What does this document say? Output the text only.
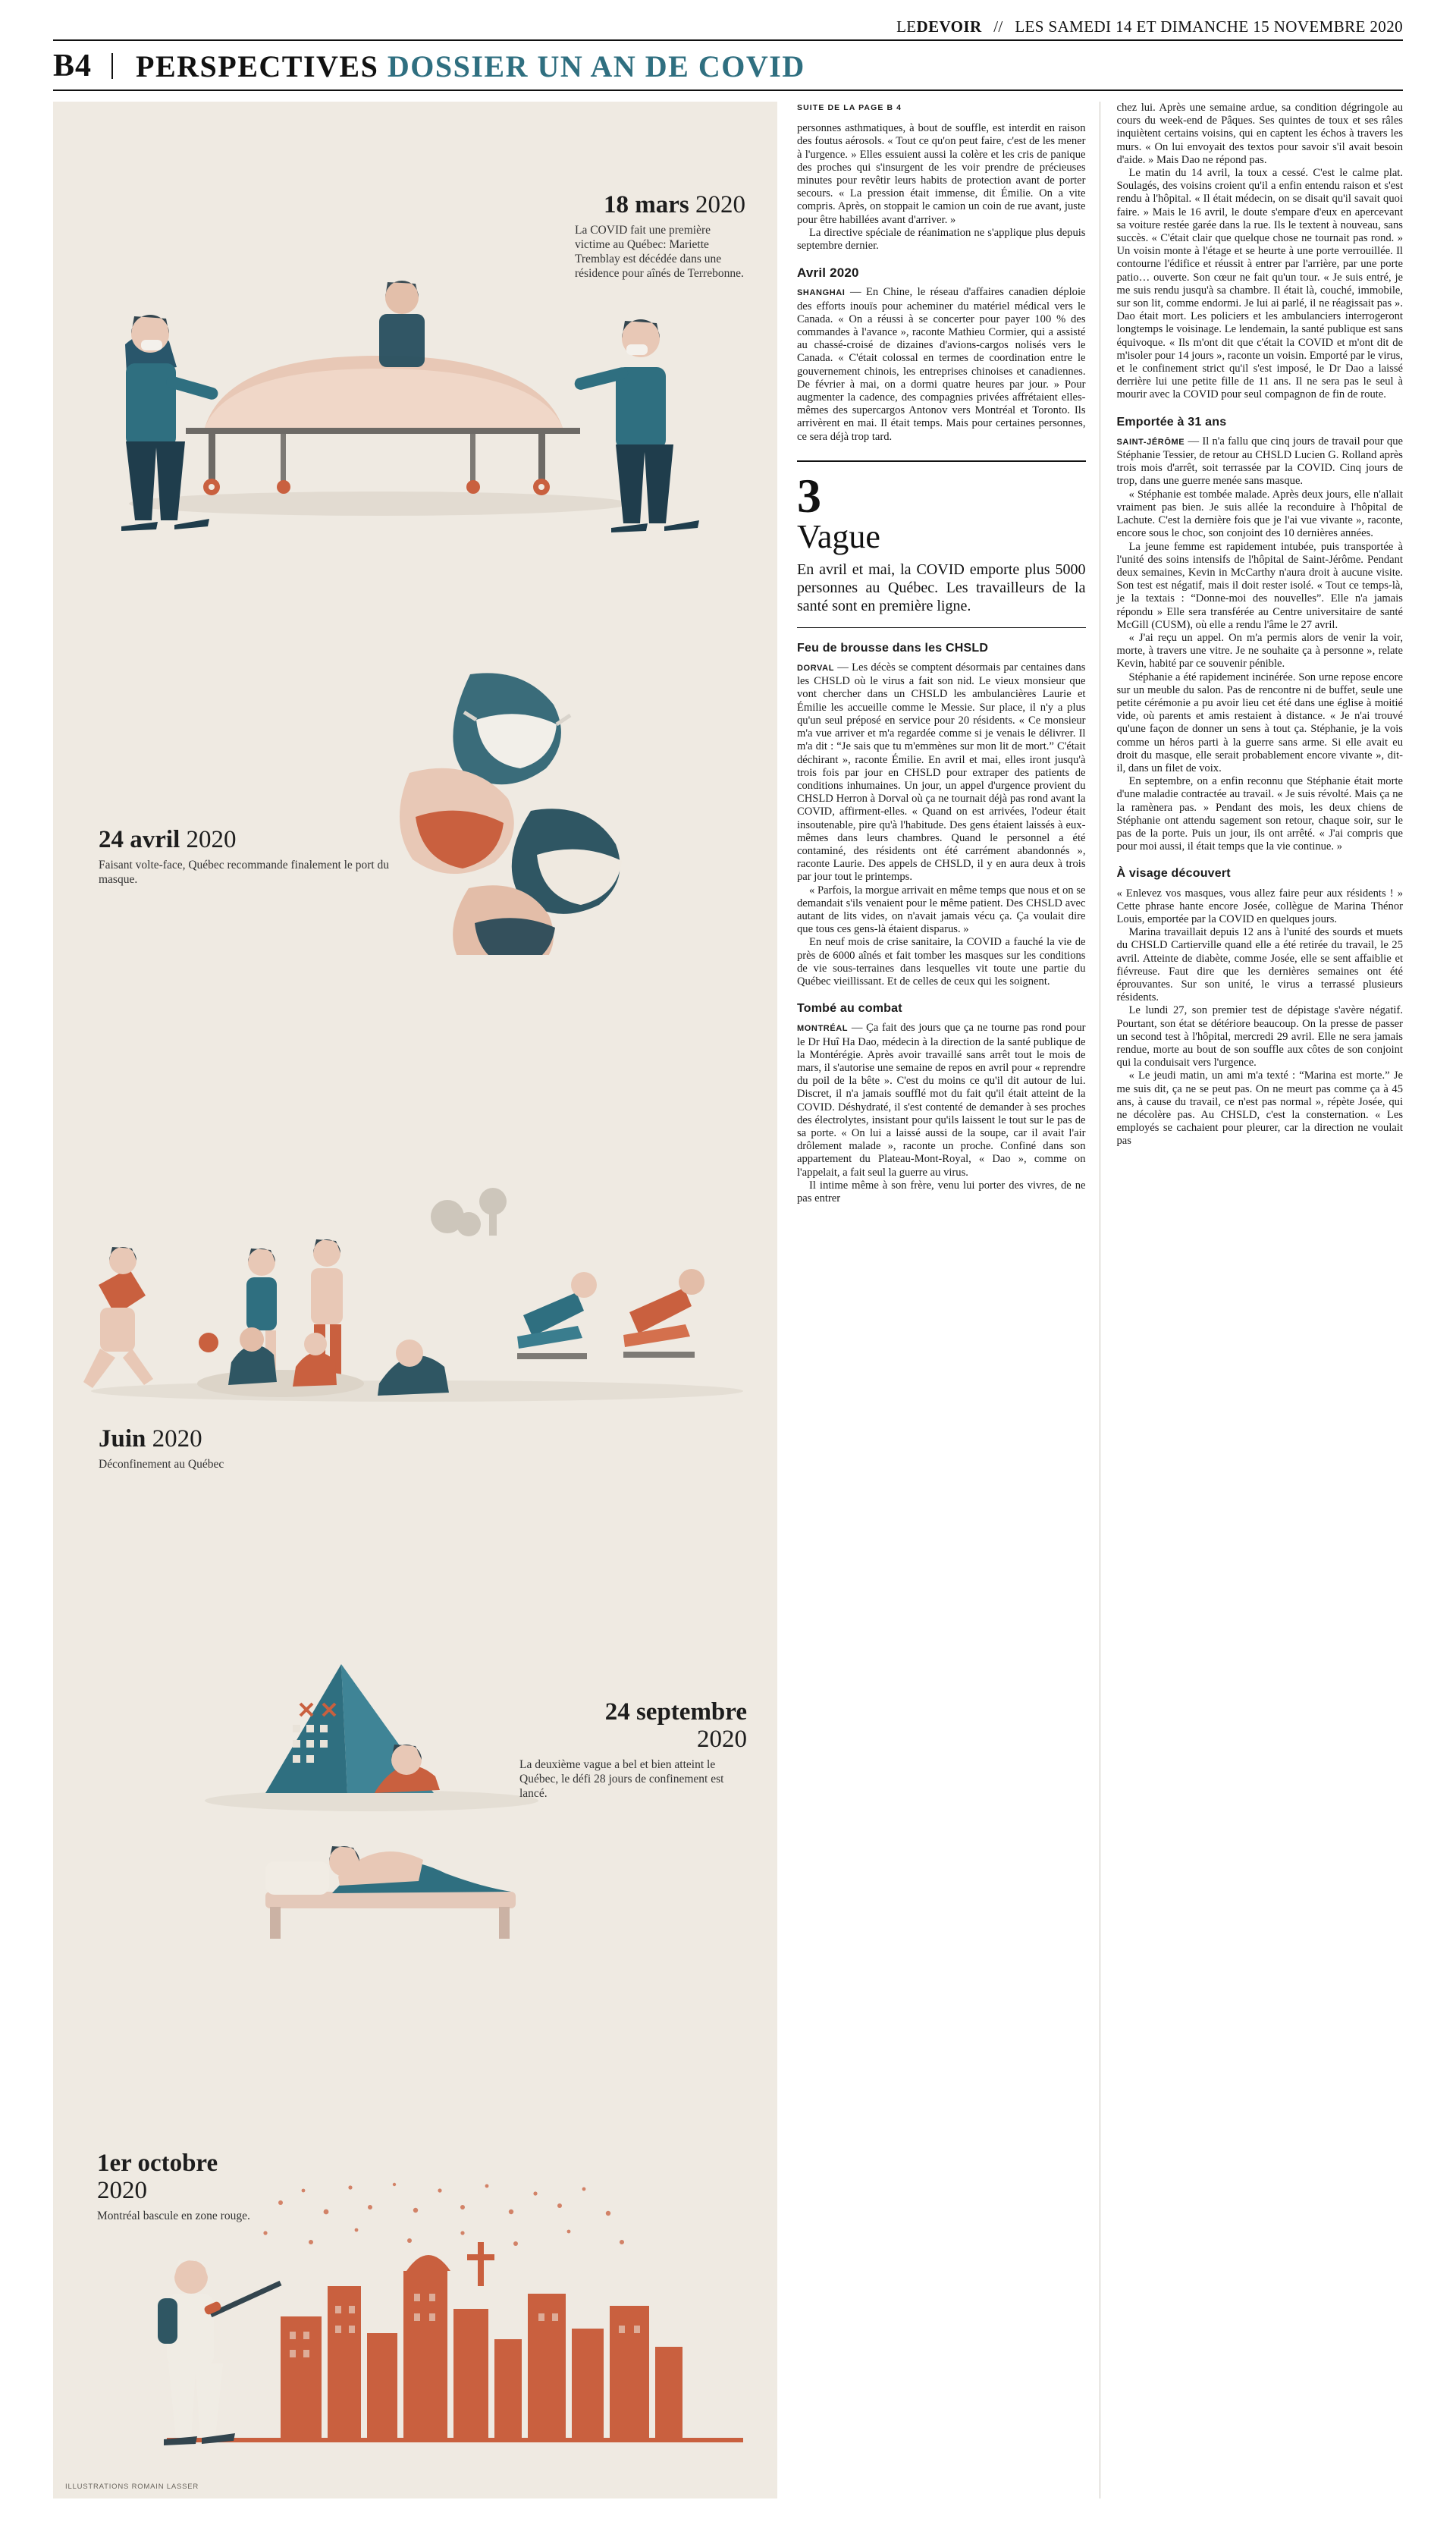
LEDEVOIR // LES SAMEDI 14 ET DIMANCHE 15 NOVEMBRE 2020
B4 PERSPECTIVES DOSSIER UN AN DE COVID
18 mars 2020
La COVID fait une première victime au Québec: Mariette Tremblay est décédée dans une résidence pour aînés de Terrebonne.
24 avril 2020
Faisant volte-face, Québec recommande finalement le port du masque.
Juin 2020
Déconfinement au Québec
24 septembre
2020
La deuxième vague a bel et bien atteint le Québec, le défi 28 jours de confinement est lancé.
1er octobre
2020
Montréal bascule en zone rouge.
ILLUSTRATIONS ROMAIN LASSER
SUITE DE LA PAGE B 4

personnes asthmatiques, à bout de souffle, est interdit en raison des foutus aérosols. « Tout ce qu'on peut faire, c'est de les mener à l'urgence. » Elles essuient aussi la colère et les cris de panique des proches qui s'insurgent de les voir prendre de précieuses minutes pour revêtir leurs habits de protection avant de porter secours. « La pression était immense, dit Émilie. On a vite compris. Après, on stoppait le camion un coin de rue avant, juste pour être habillées avant d'arriver. »

La directive spéciale de réanimation ne s'applique plus depuis septembre dernier.

Avril 2020

SHANGHAI — En Chine, le réseau d'affaires canadien déploie des efforts inouïs pour acheminer du matériel médical vers le Canada. « On a réussi à se concerter pour payer 100 % des commandes à l'avance », raconte Mathieu Cormier, qui a assisté au chassé-croisé de dizaines d'avions-cargos nolisés vers le Canada. « C'était colossal en termes de coordination entre le gouvernement chinois, les entreprises chinoises et canadiennes. De février à mai, on a dormi quatre heures par jour. » Pour augmenter la cadence, des compagnies privées affrétaient elles-mêmes des supercargos Antonov vers Montréal et Toronto. Ils arrivèrent en mai. Il était temps. Mais pour certaines personnes, ce sera déjà trop tard.

3
Vague
En avril et mai, la COVID emporte plus 5000 personnes au Québec. Les travailleurs de la santé sont en première ligne.
Feu de brousse dans les CHSLD

DORVAL — Les décès se comptent désormais par centaines dans les CHSLD où le virus a fait son nid. Le vieux monsieur que vont chercher dans un CHSLD les ambulancières Laurie et Émilie les accueille comme le Messie. Sur place, il n'y a plus qu'un seul préposé en service pour 20 résidents. « Ce monsieur m'a vue arriver et m'a regardée comme si je venais le délivrer. Il m'a dit : “Je sais que tu m'emmènes sur mon lit de mort.” C'était déchirant », raconte Émilie. En avril et mai, elles iront jusqu'à trois fois par jour en CHSLD pour extraper des patients de conditions inhumaines. Un jour, un appel d'urgence provient du CHSLD Herron à Dorval où ça ne tournait déjà pas rond avant la COVID, affirment-elles. « Quand on est arrivées, l'odeur était insoutenable, pire qu'à l'habitude. Des gens étaient laissés à eux-mêmes dans leurs chambres. Quand le personnel a été contaminé, des résidents ont été carrément abandonnés », raconte Laurie. Des appels de CHSLD, il y en aura deux à trois par jour tout le printemps.

« Parfois, la morgue arrivait en même temps que nous et on se demandait s'ils venaient pour le même patient. Des CHSLD avec autant de lits vides, on n'avait jamais vécu ça. Ça voulait dire que tous ces gens-là étaient disparus. »

En neuf mois de crise sanitaire, la COVID a fauché la vie de près de 6000 aînés et fait tomber les masques sur les conditions de vie sous-terraines dans lesquelles vit toute une partie du Québec vieillissant. Et de celles de ceux qui les soignent.

Tombé au combat

MONTRÉAL — Ça fait des jours que ça ne tourne pas rond pour le Dr Huî Ha Dao, médecin à la direction de la santé publique de la Montérégie. Après avoir travaillé sans arrêt tout le mois de mars, il s'autorise une semaine de repos en avril pour « reprendre du poil de la bête ». C'est du moins ce qu'il dit autour de lui. Discret, il n'a jamais soufflé mot du fait qu'il était atteint de la COVID. Déshydraté, il s'est contenté de demander à ses proches des électrolytes, insistant pour qu'ils laissent le tout sur le pas de sa porte. « On lui a laissé aussi de la soupe, car il avait l'air drôlement malade », raconte un proche. Confiné dans son appartement du Plateau-Mont-Royal, « Dao », comme on l'appelait, a fait seul la guerre au virus.

Il intime même à son frère, venu lui porter des vivres, de ne pas entrer

chez lui. Après une semaine ardue, sa condition dégringole au cours du week-end de Pâques. Ses quintes de toux et ses râles inquiètent certains voisins, qui en captent les échos à travers les murs. « On lui envoyait des textos pour savoir s'il avait besoin d'aide. » Mais Dao ne répond pas.

Le matin du 14 avril, la toux a cessé. C'est le calme plat. Soulagés, des voisins croient qu'il a enfin entendu raison et s'est rendu à l'hôpital. « Il était médecin, on se disait qu'il savait quoi faire. » Mais le 16 avril, le doute s'empare d'eux en apercevant sa voiture restée garée dans la rue. Ils le textent à nouveau, sans succès. « C'était clair que quelque chose ne tournait pas rond. » Un voisin monte à l'étage et se heurte à une porte verrouillée. Il contourne l'édifice et réussit à entrer par l'arrière, par une porte patio… ouverte. Son cœur ne fait qu'un tour. « Je suis entré, je me suis rendu jusqu'à sa chambre. Il était là, couché, immobile, sur son lit, comme endormi. Je lui ai parlé, il ne réagissait pas ». Dao était mort. Les policiers et les ambulanciers interrogeront longtemps le voisinage. Le lendemain, la santé publique est sans équivoque. « Ils m'ont dit que c'était la COVID et m'ont dit de m'isoler pour 14 jours », raconte un voisin. Emporté par le virus, et le confinement strict qu'il s'est imposé, le Dr Dao a laissé derrière lui une petite fille de 11 ans. Il ne sera pas le seul à mourir avec la COVID pour seul compagnon de fin de route.

Emportée à 31 ans

SAINT-JÉRÔME — Il n'a fallu que cinq jours de travail pour que Stéphanie Tessier, de retour au CHSLD Lucien G. Rolland après trois mois d'arrêt, soit terrassée par la COVID. Cinq jours de trop, dans une guerre menée sans masque.

« Stéphanie est tombée malade. Après deux jours, elle n'allait vraiment pas bien. Je suis allée la reconduire à l'hôpital de Lachute. C'est la dernière fois que je l'ai vue vivante », raconte, encore sous le choc, son conjoint des 10 dernières années.

La jeune femme est rapidement intubée, puis transportée à l'unité des soins intensifs de l'hôpital de Saint-Jérôme. Pendant deux semaines, Kevin in McCarthy n'aura droit à aucune visite. Son test est négatif, mais il doit rester isolé. « Tout ce temps-là, je la textais : “Donne-moi des nouvelles”. Elle n'a jamais répondu » Elle sera transférée au Centre universitaire de santé McGill (CUSM), où elle a rendu l'âme le 27 avril.

« J'ai reçu un appel. On m'a permis alors de venir la voir, morte, à travers une vitre. Je ne souhaite ça à personne », relate Kevin, habité par ce souvenir pénible.

Stéphanie a été rapidement incinérée. Son urne repose encore sur un meuble du salon. Pas de rencontre ni de buffet, seule une petite cérémonie a pu avoir lieu cet été dans une église à moitié vide, où parents et amis restaient à distance. « Je n'ai trouvé qu'une façon de donner un sens à tout ça. Stéphanie, je la vois comme un héros parti à la guerre sans arme. Si elle avait eu droit du masque, elle serait probablement encore vivante », dit-il, dans un filet de voix.

En septembre, on a enfin reconnu que Stéphanie était morte d'une maladie contractée au travail. « Je suis révolté. Mais ça ne la ramènera pas. » Pendant des mois, les deux chiens de Stéphanie ont attendu sagement son retour, chaque soir, sur le pas de la porte. Puis un jour, ils ont arrêté. « J'ai compris que pour moi aussi, il était temps que la vie continue. »

À visage découvert

« Enlevez vos masques, vous allez faire peur aux résidents ! » Cette phrase hante encore Josée, collègue de Marina Thénor Louis, emportée par la COVID en quelques jours.

Marina travaillait depuis 12 ans à l'unité des sourds et muets du CHSLD Cartierville quand elle a été retirée du travail, le 25 avril. Atteinte de diabète, comme Josée, elle se sent affaiblie et fiévreuse. Faut dire que les dernières semaines ont été éprouvantes. Sur son unité, le virus a terrassé plusieurs résidents.

Le lundi 27, son premier test de dépistage s'avère négatif. Pourtant, son état se détériore beaucoup. On la presse de passer un second test à l'hôpital, mercredi 29 avril. Elle ne sera jamais rendue, morte au bout de son souffle aux côtes de son conjoint qui la conduisait vers l'urgence.

« Le jeudi matin, un ami m'a texté : “Marina est morte.” Je me suis dit, ça ne se peut pas. On ne meurt pas comme ça à 45 ans, à cause du travail, ce n'est pas normal », répète Josée, qui ne décolère pas. Au CHSLD, c'est la consternation. « Les employés se cachaient pour pleurer, car la direction ne voulait pas
